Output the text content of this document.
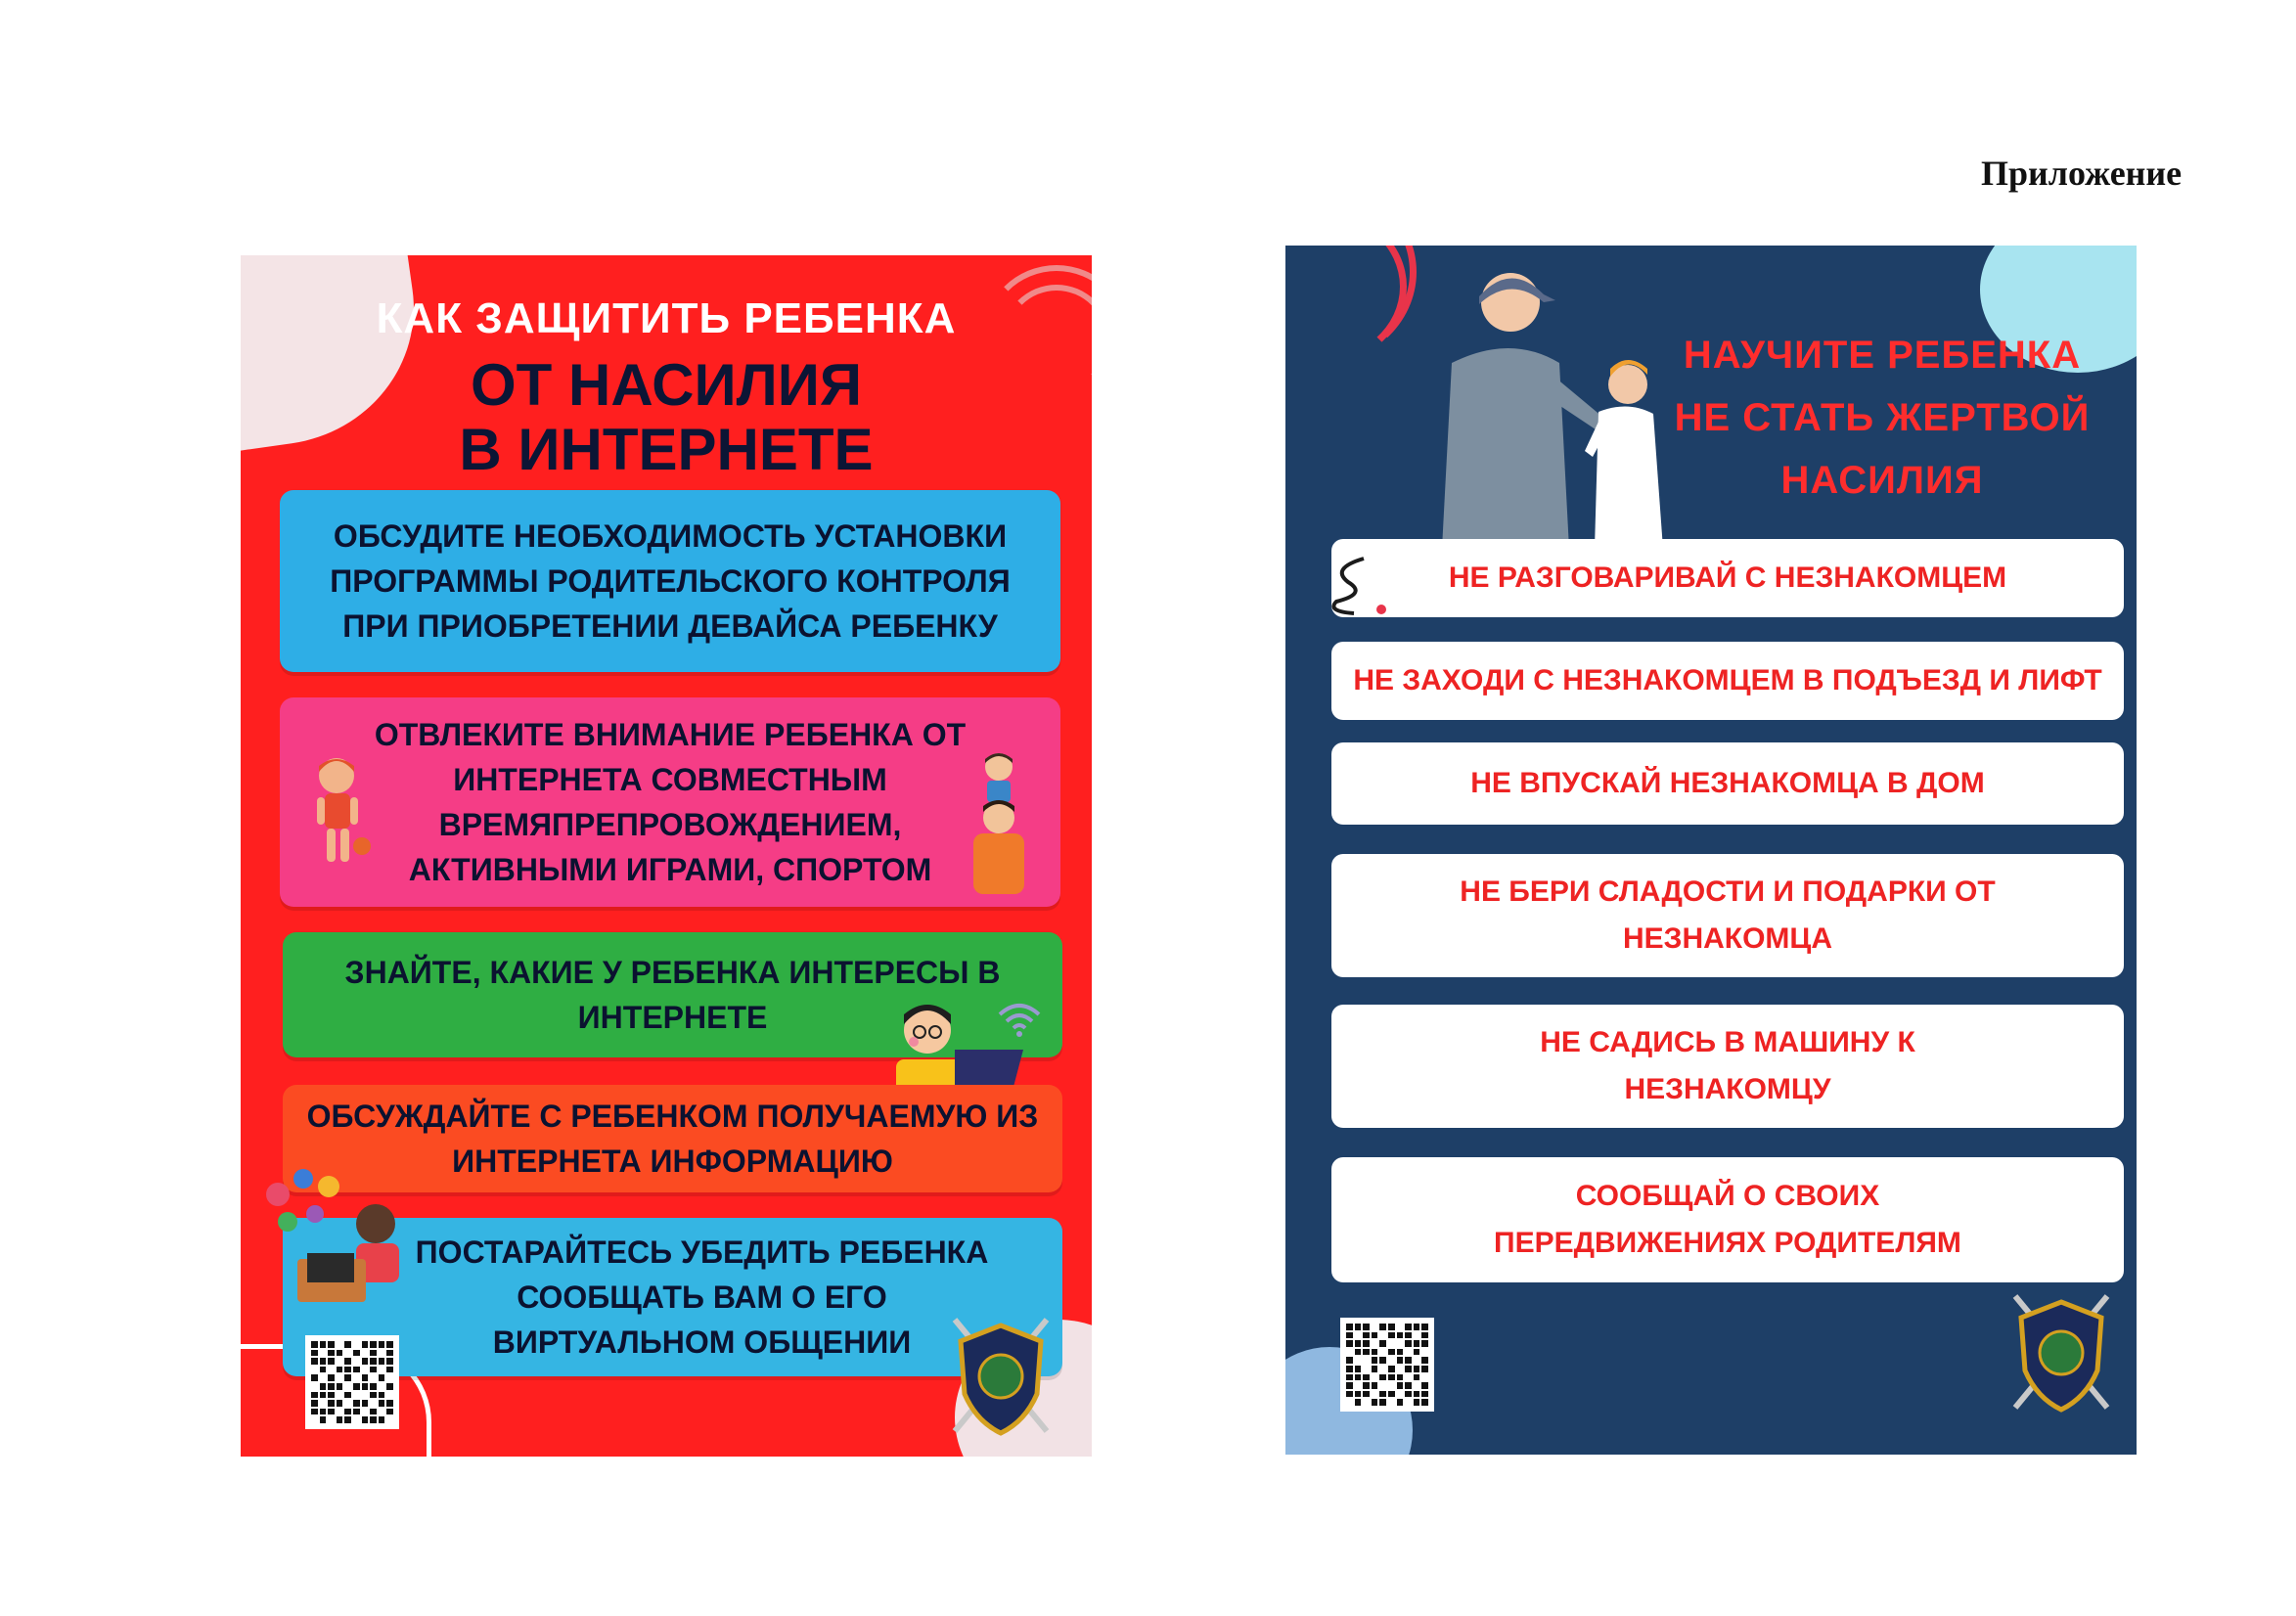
Приложение
КАК ЗАЩИТИТЬ РЕБЕНКА
ОТ НАСИЛИЯ
В ИНТЕРНЕТЕ
ОБСУДИТЕ НЕОБХОДИМОСТЬ УСТАНОВКИ ПРОГРАММЫ РОДИТЕЛЬСКОГО КОНТРОЛЯ ПРИ ПРИОБРЕТЕНИИ ДЕВАЙСА РЕБЕНКУ
ОТВЛЕКИТЕ ВНИМАНИЕ РЕБЕНКА ОТ
ИНТЕРНЕТА СОВМЕСТНЫМ
ВРЕМЯПРЕПРОВОЖДЕНИЕМ,
АКТИВНЫМИ ИГРАМИ, СПОРТОМ
ЗНАЙТЕ, КАКИЕ У РЕБЕНКА ИНТЕРЕСЫ В
ИНТЕРНЕТЕ
ОБСУЖДАЙТЕ С РЕБЕНКОМ ПОЛУЧАЕМУЮ ИЗ ИНТЕРНЕТА ИНФОРМАЦИЮ
ПОСТАРАЙТЕСЬ УБЕДИТЬ РЕБЕНКА
СООБЩАТЬ ВАМ О ЕГО
ВИРТУАЛЬНОМ ОБЩЕНИИ
НАУЧИТЕ РЕБЕНКА
НЕ СТАТЬ ЖЕРТВОЙ
НАСИЛИЯ
НЕ РАЗГОВАРИВАЙ С НЕЗНАКОМЦЕМ
НЕ ЗАХОДИ С НЕЗНАКОМЦЕМ В ПОДЪЕЗД И ЛИФТ
НЕ ВПУСКАЙ НЕЗНАКОМЦА В ДОМ
НЕ БЕРИ СЛАДОСТИ И ПОДАРКИ ОТ
НЕЗНАКОМЦА
НЕ САДИСЬ В МАШИНУ К
НЕЗНАКОМЦУ
СООБЩАЙ О СВОИХ
ПЕРЕДВИЖЕНИЯХ РОДИТЕЛЯМ
